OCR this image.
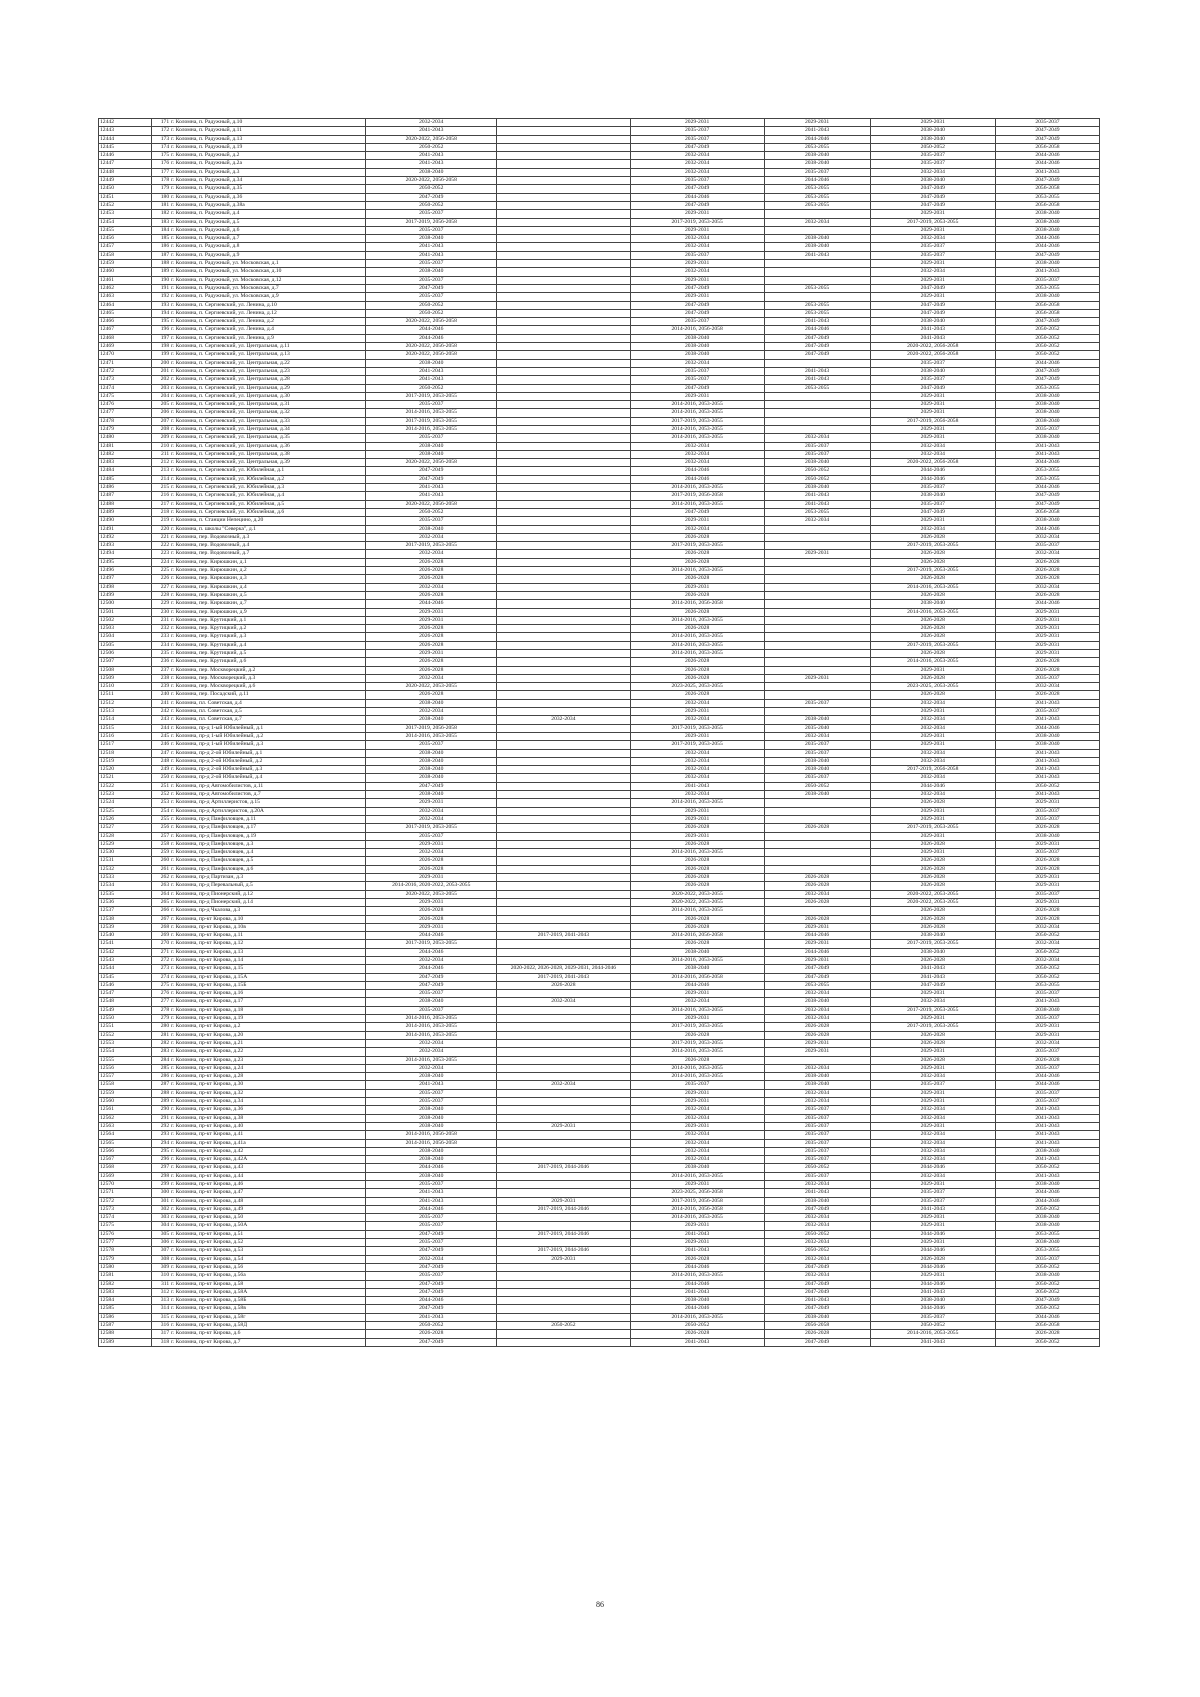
12442	171	г. Коломна, п. Радужный, д.10	2032-2034		2029-2031	2029-2031	2029-2031	2035-2037
12443	172	г. Коломна, п. Радужный, д.11	2041-2043		2035-2037	2041-2043	2038-2040	2047-2049
12444	173	г. Коломна, п. Радужный, д.13	2020-2022, 2056-2058		2035-2037	2044-2046	2038-2040	2047-2049
12445	174	г. Коломна, п. Радужный, д.19	2050-2052		2047-2049	2053-2055	2050-2052	2056-2058
12446	175	г. Коломна, п. Радужный, д.2	2041-2043		2032-2034	2038-2040	2035-2037	2044-2046
12447	176	г. Коломна, п. Радужный, д.2а	2041-2043		2032-2034	2038-2040	2035-2037	2044-2046
12448	177	г. Коломна, п. Радужный, д.3	2038-2040		2032-2034	2035-2037	2032-2034	2041-2043
12449	178	г. Коломна, п. Радужный, д.34	2020-2022, 2056-2058		2035-2037	2044-2046	2038-2040	2047-2049
12450	179	г. Коломна, п. Радужный, д.35	2050-2052		2047-2049	2053-2055	2047-2049	2056-2058
12451	180	г. Коломна, п. Радужный, д.36	2047-2049		2044-2046	2053-2055	2047-2049	2053-2055
12452	181	г. Коломна, п. Радужный, д.38а	2050-2052		2047-2049	2053-2055	2047-2049	2056-2058
12453	182	г. Коломна, п. Радужный, д.4	2035-2037		2029-2031		2029-2031	2038-2040
12454	183	г. Коломна, п. Радужный, д.5	2017-2019, 2056-2058		2017-2019, 2053-2055	2032-2034	2017-2019, 2053-2055	2038-2040
12455	184	г. Коломна, п. Радужный, д.6	2035-2037		2029-2031		2029-2031	2038-2040
12456	185	г. Коломна, п. Радужный, д.7	2038-2040		2032-2034	2038-2040	2032-2034	2044-2046
12457	186	г. Коломна, п. Радужный, д.8	2041-2043		2032-2034	2038-2040	2035-2037	2044-2046
12458	187	г. Коломна, п. Радужный, д.9	2041-2043		2035-2037	2041-2043	2035-2037	2047-2049
12459	188	г. Коломна, п. Радужный, ул. Московская, д.1	2035-2037		2029-2031		2029-2031	2038-2040
12460	189	г. Коломна, п. Радужный, ул. Московская, д.10	2038-2040		2032-2034		2032-2034	2041-2043
12461	190	г. Коломна, п. Радужный, ул. Московская, д.12	2035-2037		2029-2031		2029-2031	2035-2037
12462	191	г. Коломна, п. Радужный, ул. Московская, д.7	2047-2049		2047-2049	2053-2055	2047-2049	2053-2055
12463	192	г. Коломна, п. Радужный, ул. Московская, д.9	2035-2037		2029-2031		2029-2031	2038-2040
12464	193	г. Коломна, п. Сергиевский, ул. Ленина, д.10	2050-2052		2047-2049	2053-2055	2047-2049	2056-2058
12465	194	г. Коломна, п. Сергиевский, ул. Ленина, д.12	2050-2052		2047-2049	2053-2055	2047-2049	2056-2058
12466	195	г. Коломна, п. Сергиевский, ул. Ленина, д.2	2020-2022, 2056-2058		2035-2037	2041-2043	2038-2040	2047-2049
12467	196	г. Коломна, п. Сергиевский, ул. Ленина, д.4	2044-2046		2014-2016, 2056-2058	2044-2046	2041-2043	2050-2052
12468	197	г. Коломна, п. Сергиевский, ул. Ленина, д.9	2044-2046		2038-2040	2047-2049	2041-2043	2050-2052
12469	198	г. Коломна, п. Сергиевский, ул. Центральная, д.11	2020-2022, 2056-2058		2038-2040	2047-2049	2020-2022, 2056-2058	2050-2052
12470	199	г. Коломна, п. Сергиевский, ул. Центральная, д.13	2020-2022, 2056-2058		2038-2040	2047-2049	2020-2022, 2056-2058	2050-2052
12471	200	г. Коломна, п. Сергиевский, ул. Центральная, д.22	2038-2040		2032-2034		2035-2037	2044-2046
12472	201	г. Коломна, п. Сергиевский, ул. Центральная, д.23	2041-2043		2035-2037	2041-2043	2038-2040	2047-2049
12473	202	г. Коломна, п. Сергиевский, ул. Центральная, д.28	2041-2043		2035-2037	2041-2043	2035-2037	2047-2049
12474	203	г. Коломна, п. Сергиевский, ул. Центральная, д.29	2050-2052		2047-2049	2053-2055	2047-2049	2053-2055
12475	204	г. Коломна, п. Сергиевский, ул. Центральная, д.30	2017-2019, 2053-2055		2029-2031		2029-2031	2038-2040
12476	205	г. Коломна, п. Сергиевский, ул. Центральная, д.31	2035-2037		2014-2016, 2053-2055		2029-2031	2038-2040
12477	206	г. Коломна, п. Сергиевский, ул. Центральная, д.32	2014-2016, 2053-2055		2014-2016, 2053-2055		2029-2031	2038-2040
12478	207	г. Коломна, п. Сергиевский, ул. Центральная, д.33	2017-2019, 2053-2055		2017-2019, 2053-2055		2017-2019, 2056-2058	2038-2040
12479	208	г. Коломна, п. Сергиевский, ул. Центральная, д.34	2014-2016, 2053-2055		2014-2016, 2053-2055		2029-2031	2035-2037
12480	209	г. Коломна, п. Сергиевский, ул. Центральная, д.35	2035-2037		2014-2016, 2053-2055	2032-2034	2029-2031	2038-2040
12481	210	г. Коломна, п. Сергиевский, ул. Центральная, д.36	2038-2040		2032-2034	2035-2037	2032-2034	2041-2043
12482	211	г. Коломна, п. Сергиевский, ул. Центральная, д.38	2038-2040		2032-2034	2035-2037	2032-2034	2041-2043
12483	212	г. Коломна, п. Сергиевский, ул. Центральная, д.39	2020-2022, 2056-2058		2032-2034	2038-2040	2020-2022, 2056-2058	2044-2046
12484	213	г. Коломна, п. Сергиевский, ул. Юбилейная, д.1	2047-2049		2044-2046	2050-2052	2044-2046	2053-2055
12485	214	г. Коломна, п. Сергиевский, ул. Юбилейная, д.2	2047-2049		2044-2046	2050-2052	2044-2046	2053-2055
12486	215	г. Коломна, п. Сергиевский, ул. Юбилейная, д.3	2041-2043		2014-2016, 2053-2055	2038-2040	2035-2037	2044-2046
12487	216	г. Коломна, п. Сергиевский, ул. Юбилейная, д.4	2041-2043		2017-2019, 2056-2058	2041-2043	2038-2040	2047-2049
12488	217	г. Коломна, п. Сергиевский, ул. Юбилейная, д.5	2020-2022, 2056-2058		2014-2016, 2053-2055	2041-2043	2035-2037	2047-2049
12489	218	г. Коломна, п. Сергиевский, ул. Юбилейная, д.6	2050-2052		2047-2049	2053-2055	2047-2049	2056-2058
12490	219	г. Коломна, п. Станции Непецино, д.20	2035-2037		2029-2031	2032-2034	2029-2031	2038-2040
12491	220	г. Коломна, п. школы "Северка", д.1	2038-2040		2032-2034		2032-2034	2044-2046
12492	221	г. Коломна, пер. Водовозный, д.3	2032-2034		2026-2028		2026-2028	2032-2034
12493	222	г. Коломна, пер. Водовозный, д.4	2017-2019, 2053-2055		2017-2019, 2053-2055		2017-2019, 2053-2055	2035-2037
12494	223	г. Коломна, пер. Водовозный, д.7	2032-2034		2026-2028	2029-2031	2026-2028	2032-2034
12495	224	г. Коломна, пер. Кирюшкин, д.1	2026-2028		2026-2028		2026-2028	2026-2028
12496	225	г. Коломна, пер. Кирюшкин, д.2	2026-2028		2014-2016, 2053-2055		2017-2019, 2053-2055	2026-2028
12497	226	г. Коломна, пер. Кирюшкин, д.3	2026-2028		2026-2028		2026-2028	2026-2028
12498	227	г. Коломна, пер. Кирюшкин, д.4	2032-2034		2029-2031		2014-2016, 2053-2055	2032-2034
12499	228	г. Коломна, пер. Кирюшкин, д.5	2026-2028		2026-2028		2026-2028	2026-2028
12500	229	г. Коломна, пер. Кирюшкин, д.7	2044-2046		2014-2016, 2056-2058		2038-2040	2044-2046
12501	230	г. Коломна, пер. Кирюшкин, д.9	2029-2031		2026-2028		2014-2016, 2053-2055	2029-2031
12502	231	г. Коломна, пер. Крутицкий, д.1	2029-2031		2014-2016, 2053-2055		2026-2028	2029-2031
12503	232	г. Коломна, пер. Крутицкий, д.2	2026-2028		2026-2028		2026-2028	2029-2031
12504	233	г. Коломна, пер. Крутицкий, д.3	2026-2028		2014-2016, 2053-2055		2026-2028	2029-2031
12505	234	г. Коломна, пер. Крутицкий, д.4	2026-2028		2014-2016, 2053-2055		2017-2019, 2053-2055	2029-2031
12506	235	г. Коломна, пер. Крутицкий, д.5	2029-2031		2014-2016, 2053-2055		2026-2028	2029-2031
12507	236	г. Коломна, пер. Крутицкий, д.6	2026-2028		2026-2028		2014-2016, 2053-2055	2026-2028
12508	237	г. Коломна, пер. Москворецкий, д.2	2026-2028		2026-2028		2029-2031	2026-2028
12509	238	г. Коломна, пер. Москворецкий, д.3	2032-2034		2026-2028	2029-2031	2026-2028	2035-2037
12510	239	г. Коломна, пер. Москворецкий, д.6	2020-2022, 2053-2055		2023-2025, 2053-2055		2023-2025, 2053-2055	2032-2034
12511	240	г. Коломна, пер. Посадский, д.11	2026-2028		2026-2028		2026-2028	2026-2028
12512	241	г. Коломна, пл. Советская, д.4	2038-2040		2032-2034	2035-2037	2032-2034	2041-2043
12513	242	г. Коломна, пл. Советская, д.5	2032-2034		2029-2031		2029-2031	2035-2037
12514	243	г. Коломна, пл. Советская, д.7	2038-2040	2032-2034	2032-2034	2038-2040	2032-2034	2041-2043
12515	244	г. Коломна, пр-д 1-ый Юбилейный, д.1	2017-2019, 2056-2058		2017-2019, 2053-2055	2035-2040	2032-2034	2044-2046
12516	245	г. Коломна, пр-д 1-ый Юбилейный, д.2	2014-2016, 2053-2055		2029-2031	2032-2034	2029-2031	2038-2040
12517	246	г. Коломна, пр-д 1-ый Юбилейный, д.3	2035-2037		2017-2019, 2053-2055	2035-2037	2029-2031	2038-2040
12518	247	г. Коломна, пр-д 2-ой Юбилейный, д.1	2038-2040		2032-2034	2035-2037	2032-2034	2041-2043
12519	248	г. Коломна, пр-д 2-ой Юбилейный, д.2	2038-2040		2032-2034	2038-2040	2032-2034	2041-2043
12520	249	г. Коломна, пр-д 2-ой Юбилейный, д.3	2038-2040		2032-2034	2038-2040	2017-2019, 2056-2058	2041-2043
12521	250	г. Коломна, пр-д 2-ой Юбилейный, д.4	2038-2040		2032-2034	2035-2037	2032-2034	2041-2043
12522	251	г. Коломна, пр-д Автомобилистов, д.11	2047-2049		2041-2043	2050-2052	2044-2046	2050-2052
12523	252	г. Коломна, пр-д Автомобилистов, д.7	2038-2040		2032-2034	2038-2040	2032-2034	2041-2043
12524	253	г. Коломна, пр-д Артиллеристов, д.15	2029-2031		2014-2016, 2053-2055		2026-2028	2029-2031
12525	254	г. Коломна, пр-д Артиллеристов, д.20А	2032-2034		2029-2031		2029-2031	2035-2037
12526	255	г. Коломна, пр-д Панфиловцев, д.11	2032-2034		2029-2031		2029-2031	2035-2037
12527	256	г. Коломна, пр-д Панфиловцев, д.17	2017-2019, 2053-2055		2026-2028	2026-2028	2017-2019, 2053-2055	2026-2028
12528	257	г. Коломна, пр-д Панфиловцев, д.19	2035-2037		2029-2031		2029-2031	2038-2040
12529	258	г. Коломна, пр-д Панфиловцев, д.3	2029-2031		2026-2028		2026-2028	2029-2031
12530	259	г. Коломна, пр-д Панфиловцев, д.4	2032-2034		2014-2016, 2053-2055		2029-2031	2035-2037
12531	260	г. Коломна, пр-д Панфиловцев, д.5	2026-2028		2026-2028		2026-2028	2026-2028
12532	261	г. Коломна, пр-д Панфиловцев, д.6	2026-2028		2026-2028		2026-2028	2026-2028
12533	262	г. Коломна, пр-д Партизан, д.3	2029-2031		2026-2028	2026-2028	2026-2028	2029-2031
12534	263	г. Коломна, пр-д Перевальный, д.5	2014-2016, 2020-2022, 2053-2055		2026-2028	2026-2028	2026-2028	2029-2031
12535	264	г. Коломна, пр-д Пионерский, д.12	2020-2022, 2053-2055		2020-2022, 2053-2055	2032-2034	2020-2022, 2053-2055	2035-2037
12536	265	г. Коломна, пр-д Пионерский, д.14	2029-2031		2020-2022, 2053-2055	2026-2028	2020-2022, 2053-2055	2029-2031
12537	266	г. Коломна, пр-д Чкалова, д.3	2026-2028		2014-2016, 2053-2055		2026-2028	2026-2028
12538	267	г. Коломна, пр-кт Кирова, д.10	2026-2028		2026-2028	2026-2028	2026-2028	2026-2028
12539	268	г. Коломна, пр-кт Кирова, д.10в	2029-2031		2026-2028	2029-2031	2026-2028	2032-2034
12540	269	г. Коломна, пр-кт Кирова, д.11	2044-2046	2017-2019, 2041-2043	2014-2016, 2056-2058	2044-2046	2038-2040	2050-2052
12541	270	г. Коломна, пр-кт Кирова, д.12	2017-2019, 2053-2055		2026-2028	2029-2031	2017-2019, 2053-2055	2032-2034
12542	271	г. Коломна, пр-кт Кирова, д.13	2044-2046		2038-2040	2044-2046	2038-2040	2050-2052
12543	272	г. Коломна, пр-кт Кирова, д.14	2032-2034		2014-2016, 2053-2055	2029-2031	2026-2028	2032-2034
12544	273	г. Коломна, пр-кт Кирова, д.15	2044-2046	2020-2022, 2026-2028, 2029-2031, 2044-2046	2038-2040	2047-2049	2041-2043	2050-2052
12545	274	г. Коломна, пр-кт Кирова, д.15А	2047-2049	2017-2019, 2041-2043	2014-2016, 2056-2058	2047-2049	2041-2043	2050-2052
12546	275	г. Коломна, пр-кт Кирова, д.15Б	2047-2049	2026-2028	2044-2046	2053-2055	2047-2049	2053-2055
12547	276	г. Коломна, пр-кт Кирова, д.16	2035-2037		2029-2031	2032-2034	2029-2031	2035-2037
12548	277	г. Коломна, пр-кт Кирова, д.17	2038-2040	2032-2034	2032-2034	2038-2040	2032-2034	2041-2043
12549	278	г. Коломна, пр-кт Кирова, д.18	2035-2037		2014-2016, 2053-2055	2032-2034	2017-2019, 2053-2055	2038-2040
12550	279	г. Коломна, пр-кт Кирова, д.19	2014-2016, 2053-2055		2029-2031	2032-2034	2029-2031	2035-2037
12551	280	г. Коломна, пр-кт Кирова, д.2	2014-2016, 2053-2055		2017-2019, 2053-2055	2026-2028	2017-2019, 2053-2055	2029-2031
12552	281	г. Коломна, пр-кт Кирова, д.20	2014-2016, 2053-2055		2026-2028	2026-2028	2026-2028	2029-2031
12553	282	г. Коломна, пр-кт Кирова, д.21	2032-2034		2017-2019, 2053-2055	2029-2031	2026-2028	2032-2034
12554	283	г. Коломна, пр-кт Кирова, д.22	2032-2034		2014-2016, 2053-2055	2029-2031	2029-2031	2035-2037
12555	284	г. Коломна, пр-кт Кирова, д.23	2014-2016, 2053-2055		2026-2028		2026-2028	2026-2028
12556	285	г. Коломна, пр-кт Кирова, д.24	2032-2034		2014-2016, 2053-2055	2032-2034	2029-2031	2035-2037
12557	286	г. Коломна, пр-кт Кирова, д.28	2038-2040		2014-2016, 2053-2055	2038-2040	2032-2034	2044-2046
12558	287	г. Коломна, пр-кт Кирова, д.30	2041-2043	2032-2034	2035-2037	2038-2040	2035-2037	2044-2046
12559	288	г. Коломна, пр-кт Кирова, д.32	2035-2037		2029-2031	2032-2034	2029-2031	2035-2037
12560	289	г. Коломна, пр-кт Кирова, д.34	2035-2037		2029-2031	2032-2034	2029-2031	2035-2037
12561	290	г. Коломна, пр-кт Кирова, д.36	2038-2040		2032-2034	2035-2037	2032-2034	2041-2043
12562	291	г. Коломна, пр-кт Кирова, д.38	2038-2040		2032-2034	2035-2037	2032-2034	2041-2043
12563	292	г. Коломна, пр-кт Кирова, д.40	2038-2040	2029-2031	2029-2031	2035-2037	2029-2031	2041-2043
12564	293	г. Коломна, пр-кт Кирова, д.41	2014-2016, 2056-2058		2032-2034	2035-2037	2032-2034	2041-2043
12565	294	г. Коломна, пр-кт Кирова, д.41а	2014-2016, 2056-2058		2032-2034	2035-2037	2032-2034	2041-2043
12566	295	г. Коломна, пр-кт Кирова, д.42	2038-2040		2032-2034	2035-2037	2032-2034	2038-2040
12567	296	г. Коломна, пр-кт Кирова, д.42А	2038-2040		2032-2034	2035-2037	2032-2034	2041-2043
12568	297	г. Коломна, пр-кт Кирова, д.43	2044-2046	2017-2019, 2044-2046	2038-2040	2050-2052	2044-2046	2050-2052
12569	298	г. Коломна, пр-кт Кирова, д.44	2038-2040		2014-2016, 2053-2055	2035-2037	2032-2034	2041-2043
12570	299	г. Коломна, пр-кт Кирова, д.46	2035-2037		2029-2031	2032-2034	2029-2031	2038-2040
12571	300	г. Коломна, пр-кт Кирова, д.47	2041-2043		2023-2025, 2056-2058	2041-2043	2035-2037	2044-2046
12572	301	г. Коломна, пр-кт Кирова, д.48	2041-2043	2029-2031	2017-2019, 2056-2058	2038-2040	2035-2037	2044-2046
12573	302	г. Коломна, пр-кт Кирова, д.49	2044-2046	2017-2019, 2044-2046	2014-2016, 2056-2058	2047-2049	2041-2043	2050-2052
12574	303	г. Коломна, пр-кт Кирова, д.50	2035-2037		2014-2016, 2053-2055	2032-2034	2029-2031	2038-2040
12575	304	г. Коломна, пр-кт Кирова, д.50А	2035-2037		2029-2031	2032-2034	2029-2031	2038-2040
12576	305	г. Коломна, пр-кт Кирова, д.51	2047-2049	2017-2019, 2044-2046	2041-2043	2050-2052	2044-2046	2053-2055
12577	306	г. Коломна, пр-кт Кирова, д.52	2035-2037		2029-2031	2032-2034	2029-2031	2038-2040
12578	307	г. Коломна, пр-кт Кирова, д.53	2047-2049	2017-2019, 2044-2046	2041-2043	2050-2052	2044-2046	2053-2055
12579	308	г. Коломна, пр-кт Кирова, д.54	2032-2034	2029-2031	2026-2028	2032-2034	2026-2028	2035-2037
12580	309	г. Коломна, пр-кт Кирова, д.56	2047-2049		2044-2046	2047-2049	2044-2046	2050-2052
12581	310	г. Коломна, пр-кт Кирова, д.56а	2035-2037		2014-2016, 2053-2055	2032-2034	2029-2031	2038-2040
12582	311	г. Коломна, пр-кт Кирова, д.58	2047-2049		2044-2046	2047-2049	2044-2046	2050-2052
12583	312	г. Коломна, пр-кт Кирова, д.58А	2047-2049		2041-2043	2047-2049	2041-2043	2050-2052
12584	313	г. Коломна, пр-кт Кирова, д.58Б	2044-2046		2038-2040	2041-2043	2038-2040	2047-2049
12585	314	г. Коломна, пр-кт Кирова, д.58в	2047-2049		2044-2046	2047-2049	2044-2046	2050-2052
12586	315	г. Коломна, пр-кт Кирова, д.58г	2041-2043		2014-2016, 2053-2055	2038-2040	2035-2037	2044-2046
12587	316	г. Коломна, пр-кт Кирова, д.58Д	2050-2052	2050-2052	2050-2052	2056-2058	2050-2052	2056-2058
12588	317	г. Коломна, пр-кт Кирова, д.6	2026-2028		2026-2028	2026-2028	2014-2016, 2053-2055	2026-2028
12589	318	г. Коломна, пр-кт Кирова, д.7	2047-2049		2041-2043	2047-2049	2041-2043	2050-2052
86
